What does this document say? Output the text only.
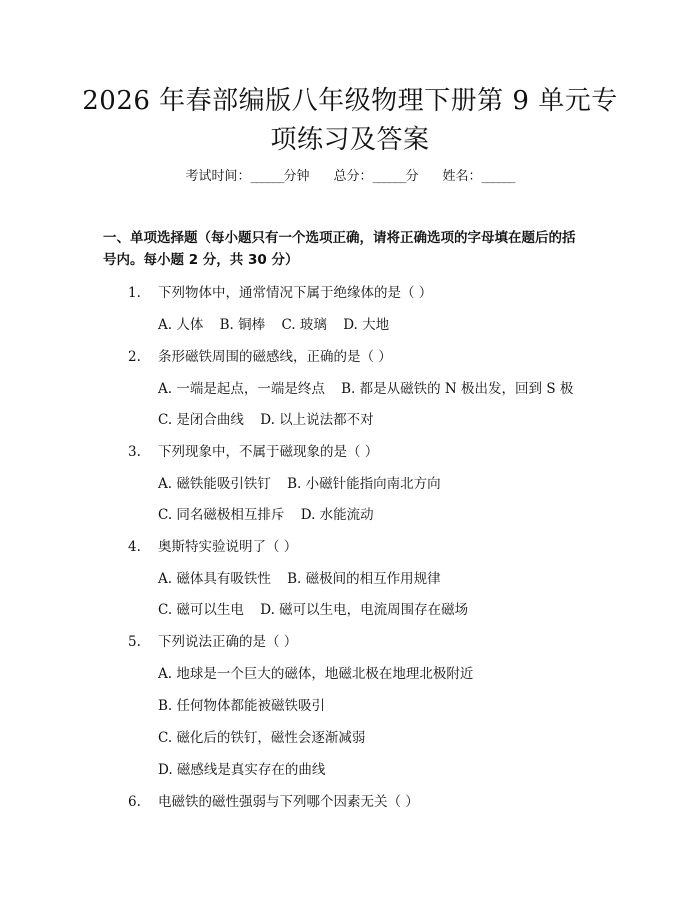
2026 年春部编版八年级物理下册第 9 单元专
项练习及答案
考试时间： ______ 分钟 总分： ______ 分 姓名： ______
一、单项选择题（每小题只有一个选项正确，请将正确选项的字母填在题后的括
号内。每小题 2 分，共 30 分）
1.	下列物体中，通常情况下属于绝缘体的是（ ）
A. 人体 B. 铜棒 C. 玻璃 D. 大地
2.	条形磁铁周围的磁感线，正确的是（ ）
A. 一端是起点，一端是终点 B. 都是从磁铁的 N 极出发，回到 S 极
C. 是闭合曲线 D. 以上说法都不对
3.	下列现象中，不属于磁现象的是（ ）
A. 磁铁能吸引铁钉 B. 小磁针能指向南北方向
C. 同名磁极相互排斥 D. 水能流动
4.	奥斯特实验说明了（ ）
A. 磁体具有吸铁性 B. 磁极间的相互作用规律
C. 磁可以生电 D. 磁可以生电，电流周围存在磁场
5.	下列说法正确的是（ ）
A. 地球是一个巨大的磁体，地磁北极在地理北极附近
B. 任何物体都能被磁铁吸引
C. 磁化后的铁钉，磁性会逐渐减弱
D. 磁感线是真实存在的曲线
6.	电磁铁的磁性强弱与下列哪个因素无关（ ）
